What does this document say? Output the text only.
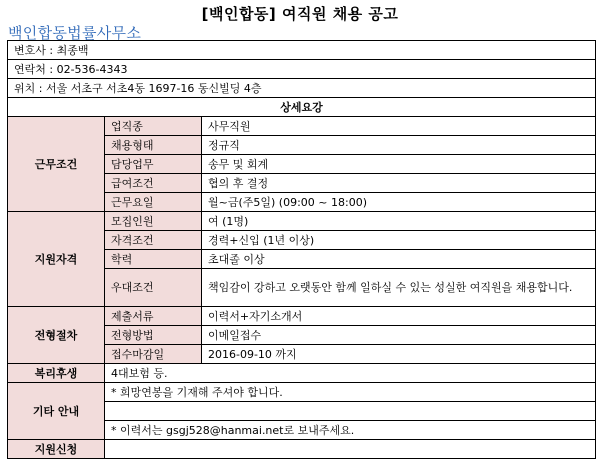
[백인합동] 여직원 채용 공고
백인합동법률사무소
변호사 : 최종백		
연락처 : 02-536-4343		
위치 : 서울 서초구 서초4동 1697-16 동신빌딩 4층		
상세요강		
근무조건	업직종	사무직원
	채용형태	정규직
	담당업무	송무 및 회계
	급여조건	협의 후 결정
	근무요일	월~금(주5일) (09:00 ~ 18:00)
지원자격	모집인원	여 (1명)
	자격조건	경력+신입 (1년 이상)
	학력	초대졸 이상
	우대조건	책임감이 강하고 오랫동안 함께 일하실 수 있는 성실한 여직원을 채용합니다.
전형절차	제출서류	이력서+자기소개서
	전형방법	이메일접수
	접수마감일	2016-09-10 까지
복리후생	4대보험 등.	
기타 안내	* 희망연봉을 기재해 주셔야 합니다.	

	* 이력서는 gsgj528@hanmai.net로 보내주세요.	
지원신청		
